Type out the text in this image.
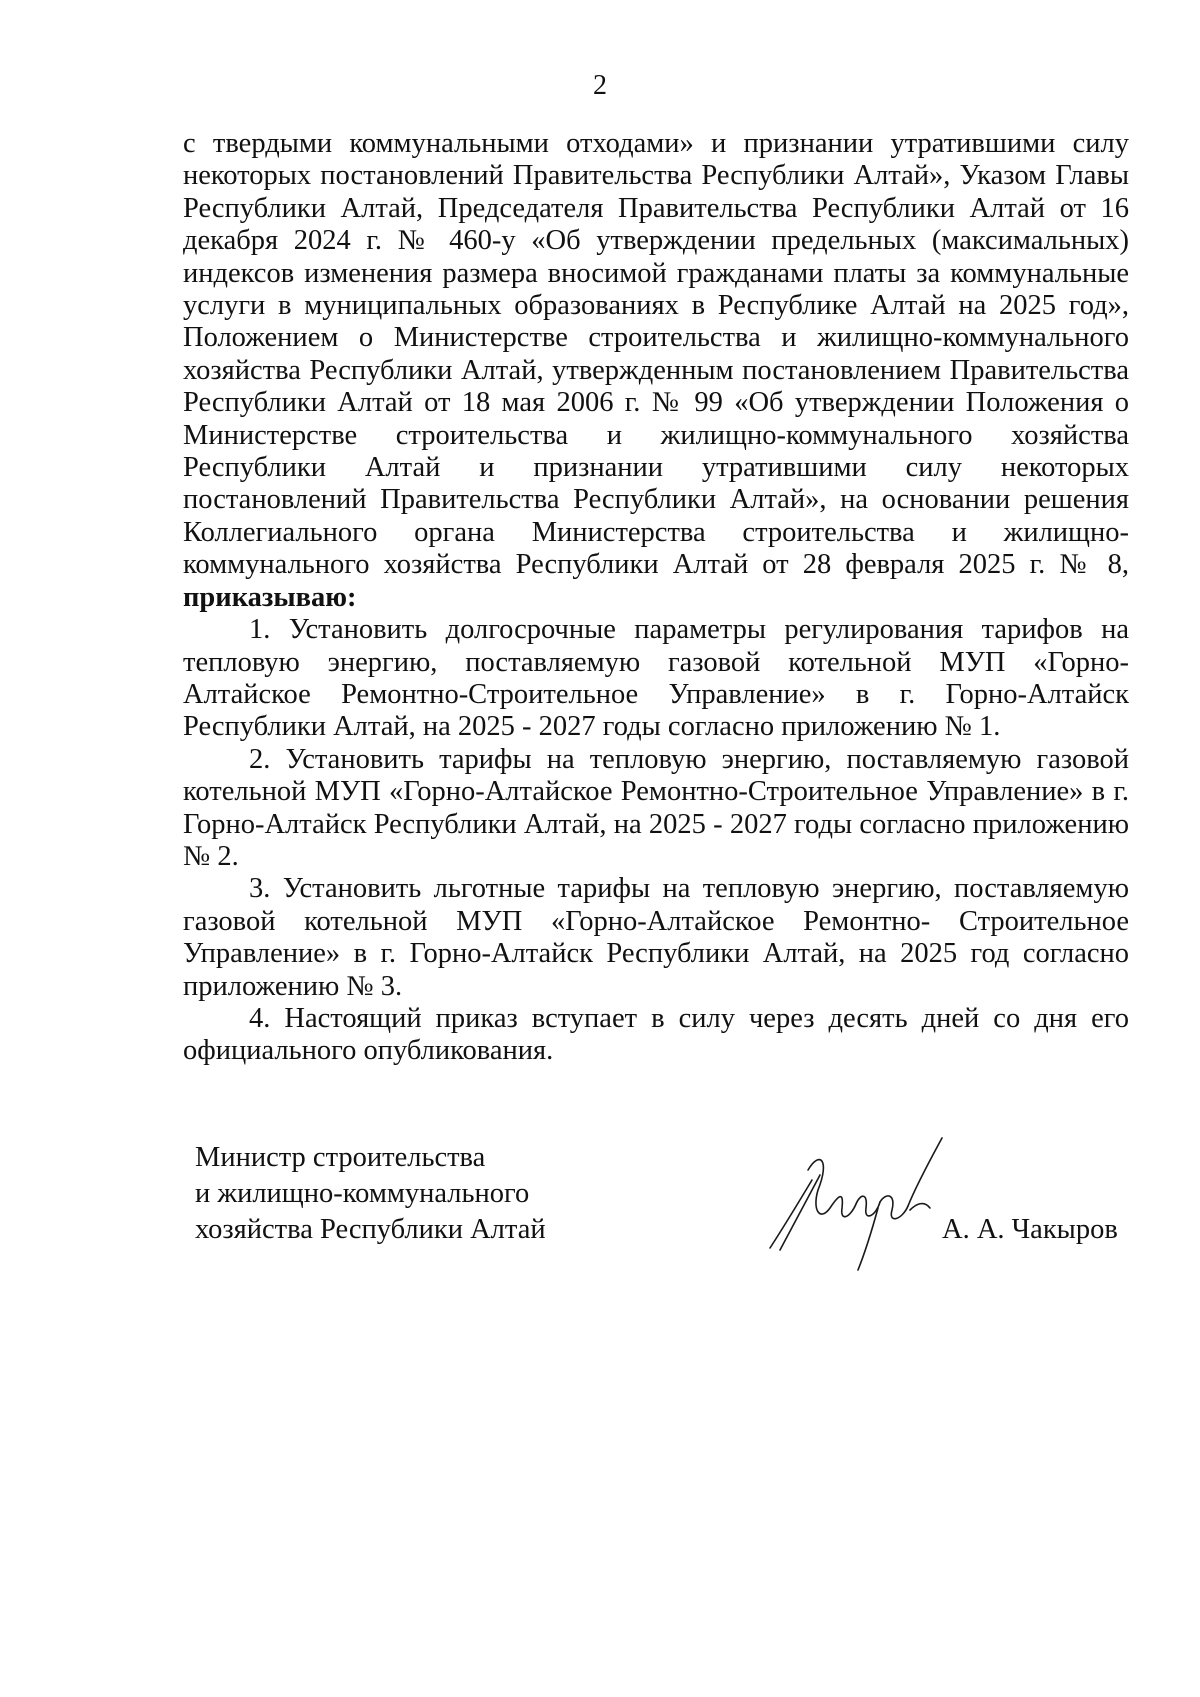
2

с твердыми коммунальными отходами» и признании утратившими силу некоторых постановлений Правительства Республики Алтай», Указом Главы Республики Алтай, Председателя Правительства Республики Алтай от 16 декабря 2024 г. № 460-у «Об утверждении предельных (максимальных) индексов изменения размера вносимой гражданами платы за коммунальные услуги в муниципальных образованиях в Республике Алтай на 2025 год», Положением о Министерстве строительства и жилищно-коммунального хозяйства Республики Алтай, утвержденным постановлением Правительства Республики Алтай от 18 мая 2006 г. № 99 «Об утверждении Положения о Министерстве строительства и жилищно-коммунального хозяйства Республики Алтай и признании утратившими силу некоторых постановлений Правительства Республики Алтай», на основании решения Коллегиального органа Министерства строительства и жилищно-коммунального хозяйства Республики Алтай от 28 февраля 2025 г. № 8, приказываю:

1. Установить долгосрочные параметры регулирования тарифов на тепловую энергию, поставляемую газовой котельной МУП «Горно-Алтайское Ремонтно-Строительное Управление» в г. Горно-Алтайск Республики Алтай, на 2025 - 2027 годы согласно приложению № 1.

2. Установить тарифы на тепловую энергию, поставляемую газовой котельной МУП «Горно-Алтайское Ремонтно-Строительное Управление» в г. Горно-Алтайск Республики Алтай, на 2025 - 2027 годы согласно приложению № 2.

3. Установить льготные тарифы на тепловую энергию, поставляемую газовой котельной МУП «Горно-Алтайское Ремонтно- Строительное Управление» в г. Горно-Алтайск Республики Алтай, на 2025 год согласно приложению № 3.

4. Настоящий приказ вступает в силу через десять дней со дня его официального опубликования.

Министр строительства
и жилищно-коммунального
хозяйства Республики Алтай	А. А. Чакыров
